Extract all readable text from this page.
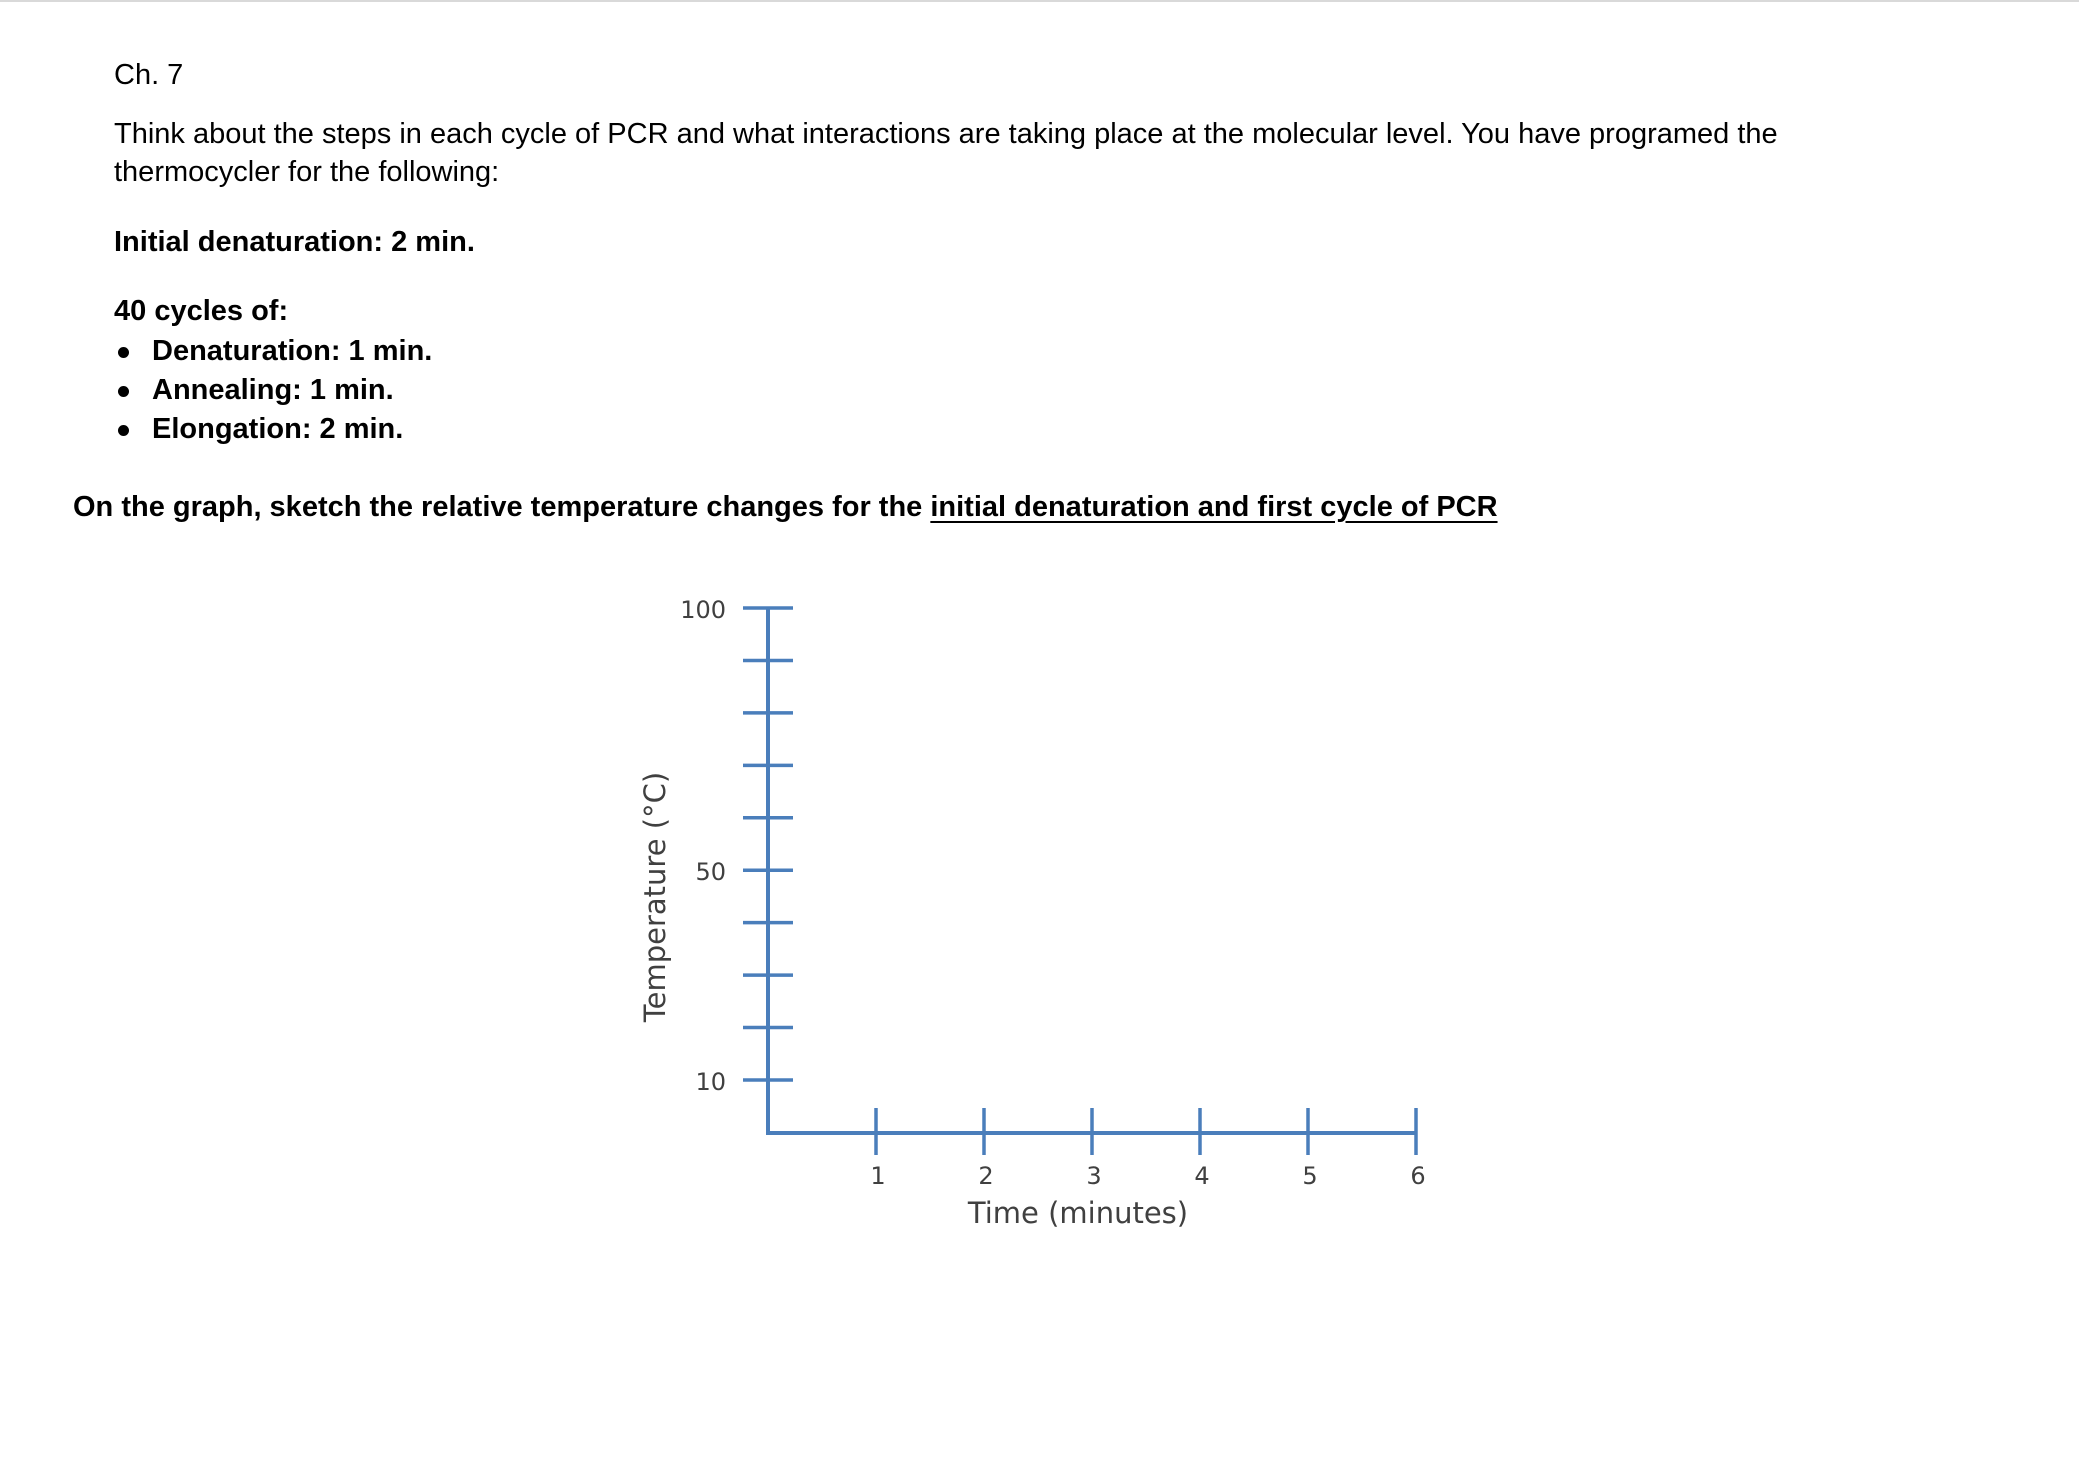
Ch. 7
Think about the steps in each cycle of PCR and what interactions are taking place at the molecular level. You have programed the
thermocycler for the following:
Initial denaturation: 2 min.
40 cycles of:
Denaturation: 1 min.
Annealing: 1 min.
Elongation: 2 min.
On the graph, sketch the relative temperature changes for the initial denaturation and first cycle of PCR
100
50
10
1	2	3	4	5	6
Time (minutes)
Temperature (°C)
